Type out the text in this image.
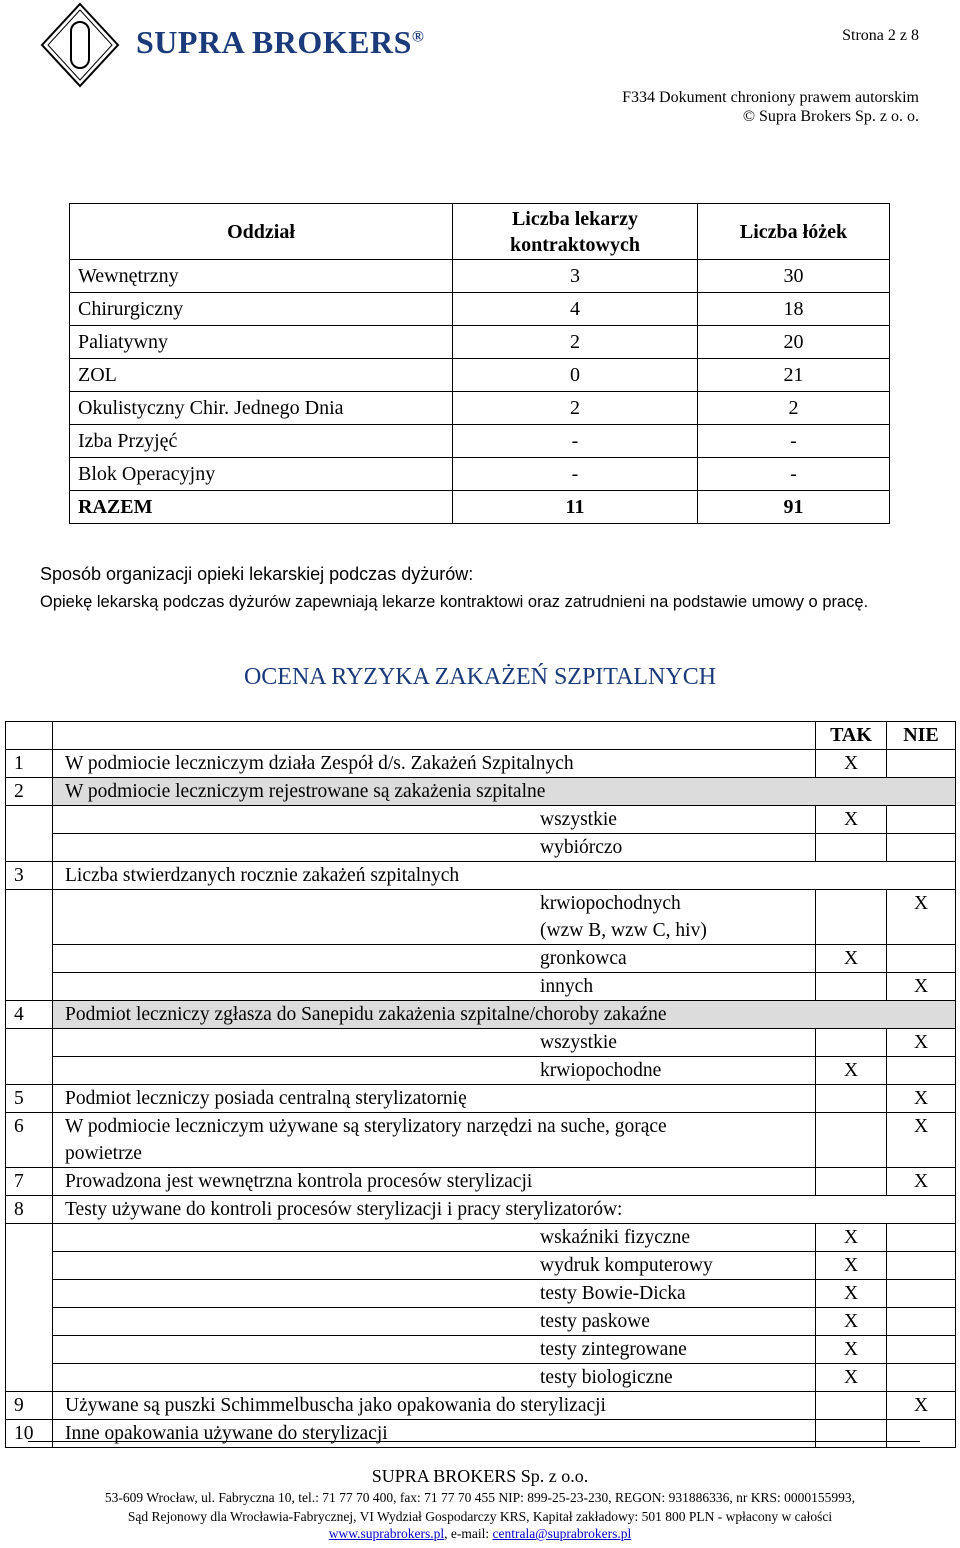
SUPRA BROKERS®	Strona 2 z 8
F334 Dokument chroniony prawem autorskim
© Supra Brokers Sp. z o. o.
Oddział	Liczba lekarzy kontraktowych	Liczba łóżek
Wewnętrzny	3	30
Chirurgiczny	4	18
Paliatywny	2	20
ZOL	0	21
Okulistyczny Chir. Jednego Dnia	2	2
Izba Przyjęć	-	-
Blok Operacyjny	-	-
RAZEM	11	91
Sposób organizacji opieki lekarskiej podczas dyżurów:
Opiekę lekarską podczas dyżurów zapewniają lekarze kontraktowi oraz zatrudnieni na podstawie umowy o pracę.
OCENA RYZYKA ZAKAŻEŃ SZPITALNYCH
		TAK	NIE
1	W podmiocie leczniczym działa Zespół d/s. Zakażeń Szpitalnych	X	
2	W podmiocie leczniczym rejestrowane są zakażenia szpitalne		
	wszystkie	X	
	wybiórczo		
3	Liczba stwierdzanych rocznie zakażeń szpitalnych		

	krwiopochodnych
(wzw B, wzw C, hiv)		X
	gronkowca	X	
	innych		X
4	Podmiot leczniczy zgłasza do Sanepidu zakażenia szpitalne/choroby zakaźne		
	wszystkie		X
	krwiopochodne	X	
5	Podmiot leczniczy posiada centralną sterylizatornię		X
6	W podmiocie leczniczym używane są sterylizatory narzędzi na suche, gorące
powietrze		X
7	Prowadzona jest wewnętrzna kontrola procesów sterylizacji		X
8	Testy używane do kontroli procesów sterylizacji i pracy sterylizatorów:		
	wskaźniki fizyczne	X	
	wydruk komputerowy	X	
	testy Bowie-Dicka	X	
	testy paskowe	X	
	testy zintegrowane	X	
	testy biologiczne	X	
9	Używane są puszki Schimmelbuscha jako opakowania do sterylizacji		X
10	Inne opakowania używane do sterylizacji		
SUPRA BROKERS Sp. z o.o.
53-609 Wrocław, ul. Fabryczna 10, tel.: 71 77 70 400, fax: 71 77 70 455 NIP: 899-25-23-230, REGON: 931886336, nr KRS: 0000155993,
Sąd Rejonowy dla Wrocławia-Fabrycznej, VI Wydział Gospodarczy KRS, Kapitał zakładowy: 501 800 PLN - wpłacony w całości
www.suprabrokers.pl, e-mail: centrala@suprabrokers.pl
